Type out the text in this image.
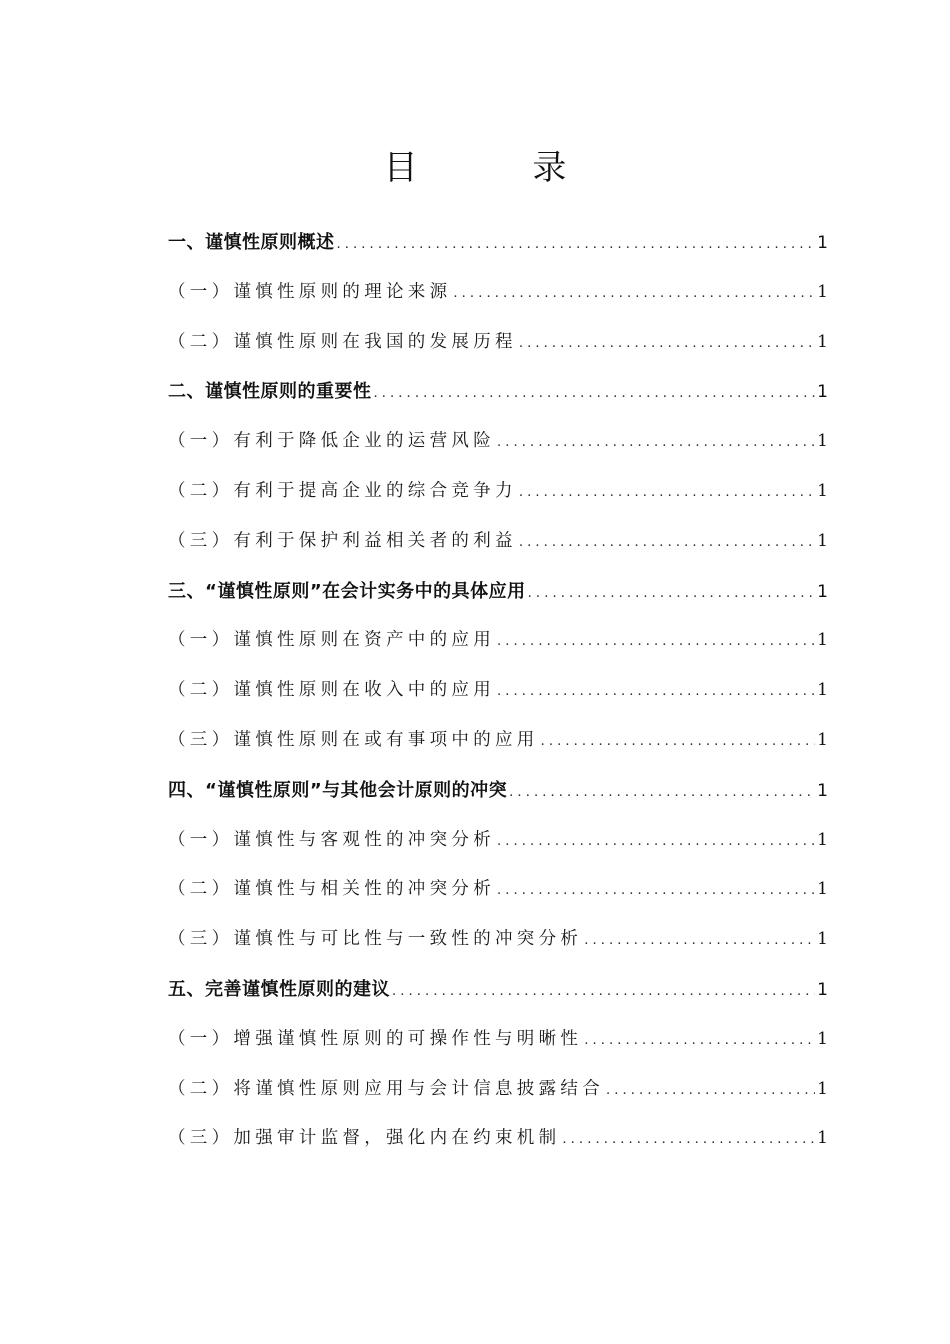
目 录
一、谨慎性原则概述 . . .	1
（一）谨慎性原则的理论来源 . . .	1
（二）谨慎性原则在我国的发展历程 . . .	1
二、谨慎性原则的重要性 . . .	1
（一）有利于降低企业的运营风险 . . .	1
（二）有利于提高企业的综合竞争力 . . .	1
（三）有利于保护利益相关者的利益 . . .	1
三、“谨慎性原则”在会计实务中的具体应用 . . .	1
（一）谨慎性原则在资产中的应用 . . .	1
（二）谨慎性原则在收入中的应用 . . .	1
（三）谨慎性原则在或有事项中的应用 . . .	1
四、“谨慎性原则”与其他会计原则的冲突 . . .	1
（一）谨慎性与客观性的冲突分析 . . .	1
（二）谨慎性与相关性的冲突分析 . . .	1
（三）谨慎性与可比性与一致性的冲突分析 . . .	1
五、完善谨慎性原则的建议 . . .	1
（一）增强谨慎性原则的可操作性与明晰性 . . .	1
（二）将谨慎性原则应用与会计信息披露结合 . . .	1
（三）加强审计监督，强化内在约束机制 . . .	1
